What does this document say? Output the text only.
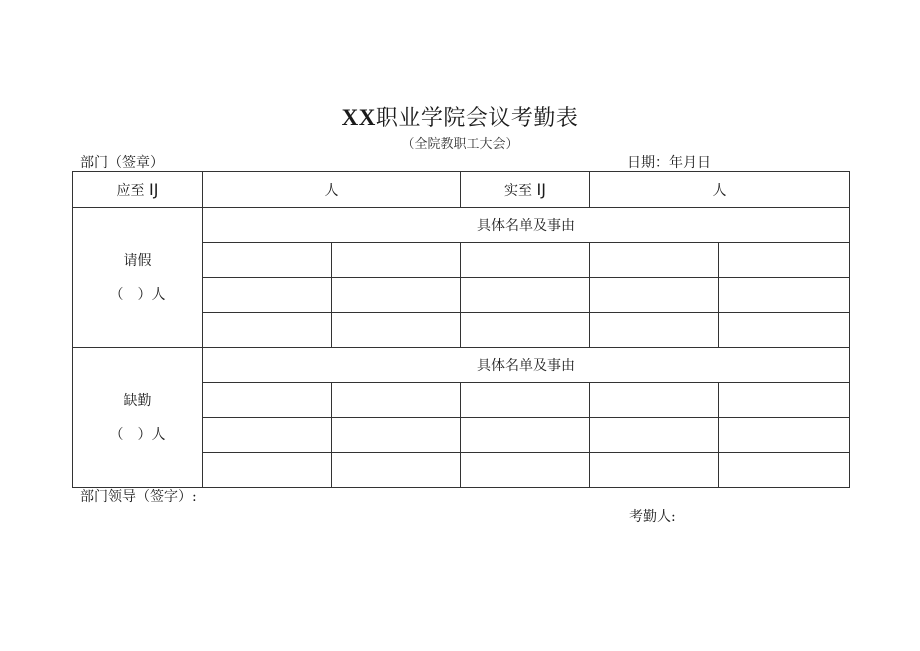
XX职业学院会议考勤表
（全院教职工大会）
部门（签章）	日期：年月日
应至 IJ	人		实至 IJ	人	

请假
（ ）人	具体名单及事由				

缺勤
（ ）人	具体名单及事由				

部门领导（签字）:
考勤人:
